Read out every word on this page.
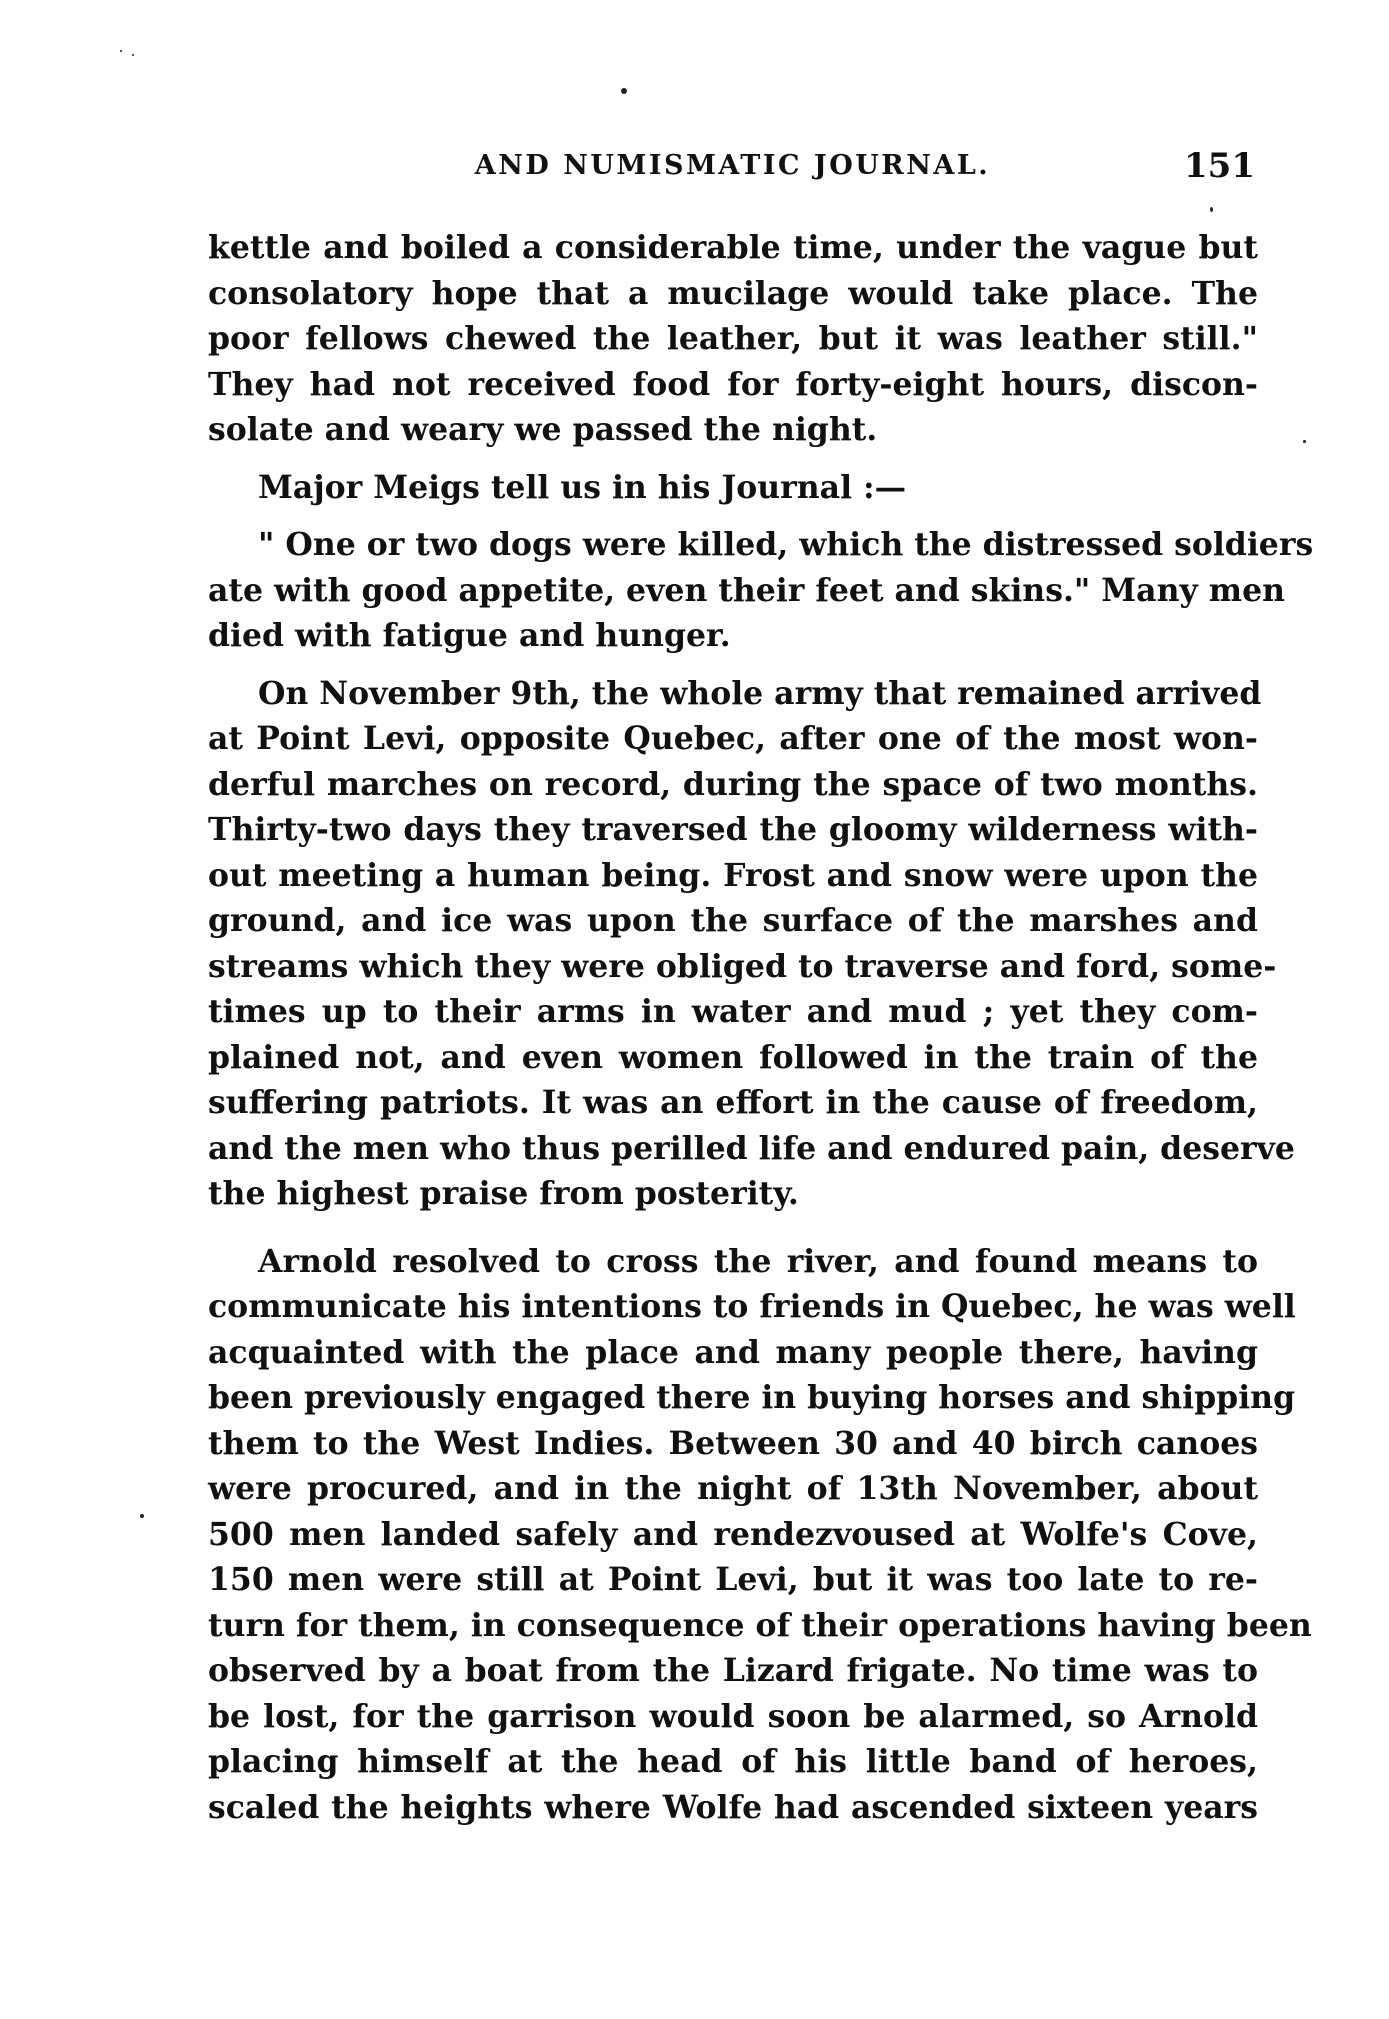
AND NUMISMATIC JOURNAL.	151
kettle and boiled a considerable time, under the vague but
consolatory hope that a mucilage would take place. The
poor fellows chewed the leather, but it was leather still."
They had not received food for forty-eight hours, discon-
solate and weary we passed the night.
Major Meigs tell us in his Journal :—
" One or two dogs were killed, which the distressed soldiers
ate with good appetite, even their feet and skins." Many men
died with fatigue and hunger.
On November 9th, the whole army that remained arrived
at Point Levi, opposite Quebec, after one of the most won-
derful marches on record, during the space of two months.
Thirty-two days they traversed the gloomy wilderness with-
out meeting a human being. Frost and snow were upon the
ground, and ice was upon the surface of the marshes and
streams which they were obliged to traverse and ford, some-
times up to their arms in water and mud ; yet they com-
plained not, and even women followed in the train of the
suffering patriots. It was an effort in the cause of freedom,
and the men who thus perilled life and endured pain, deserve
the highest praise from posterity.
Arnold resolved to cross the river, and found means to
communicate his intentions to friends in Quebec, he was well
acquainted with the place and many people there, having
been previously engaged there in buying horses and shipping
them to the West Indies. Between 30 and 40 birch canoes
were procured, and in the night of 13th November, about
500 men landed safely and rendezvoused at Wolfe's Cove,
150 men were still at Point Levi, but it was too late to re-
turn for them, in consequence of their operations having been
observed by a boat from the Lizard frigate. No time was to
be lost, for the garrison would soon be alarmed, so Arnold
placing himself at the head of his little band of heroes,
scaled the heights where Wolfe had ascended sixteen years
